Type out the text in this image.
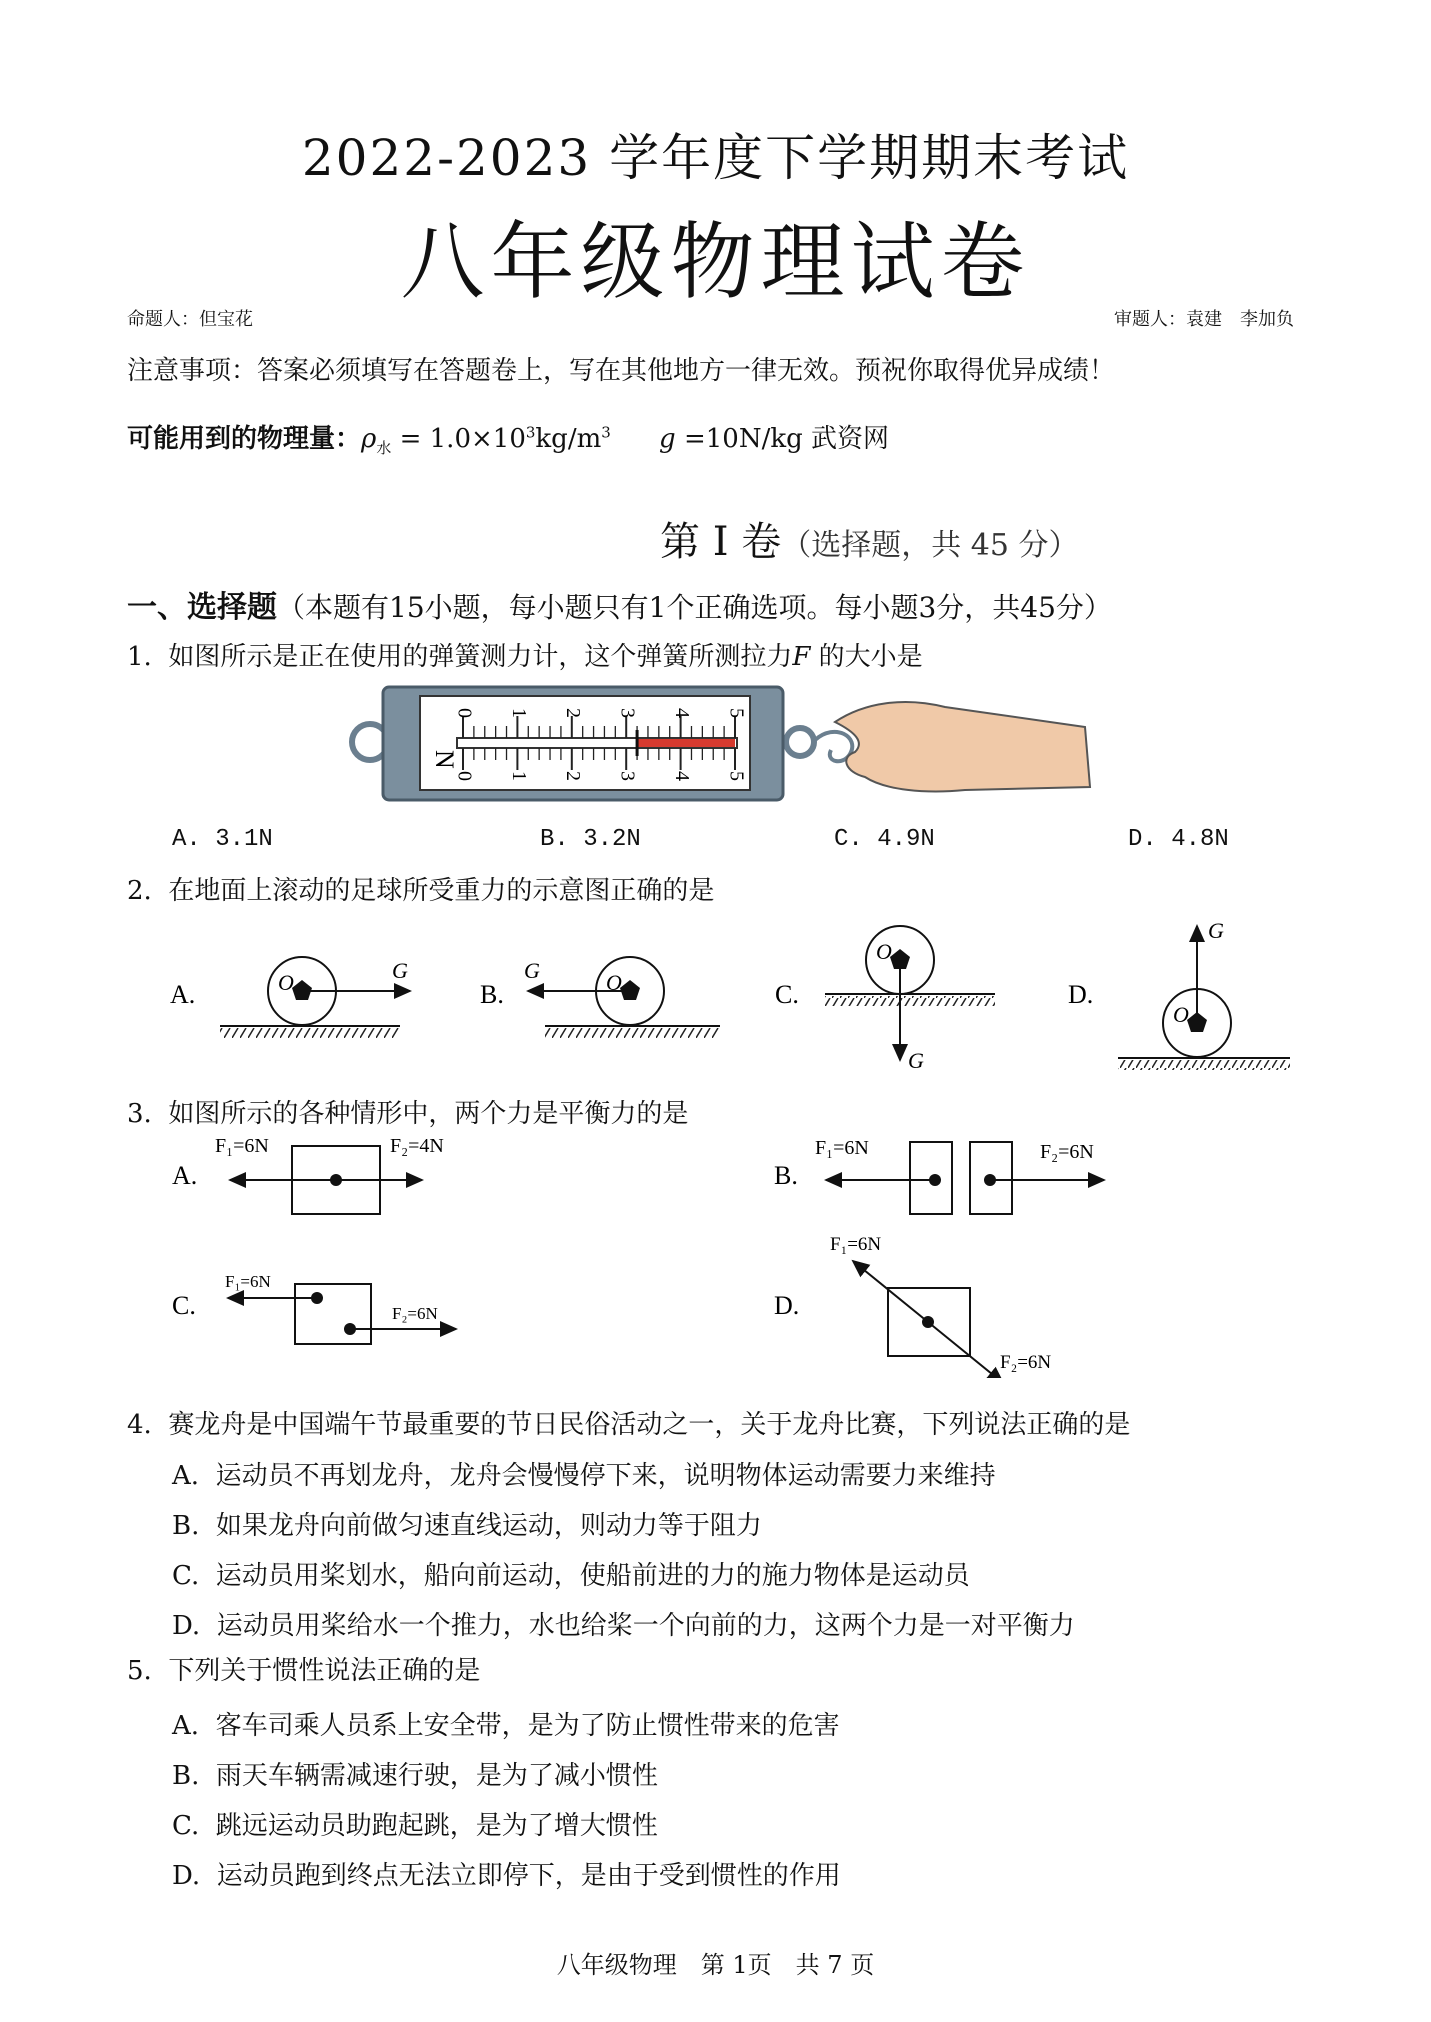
2022-2023 学年度下学期期末考试
八年级物理试卷
命题人：但宝花	审题人：袁建　李加负
注意事项：答案必须填写在答题卷上，写在其他地方一律无效。预祝你取得优异成绩！
可能用到的物理量：$\rho_水 = 1.0\times 10^3kg/m^3$ g =10N/kg 武资网
第 I 卷（选择题，共 45 分）
一、选择题（本题有15小题，每小题只有1个正确选项。每小题3分，共45分）
1. 如图所示是正在使用的弹簧测力计，这个弹簧所测拉力F 的大小是
N
0
0
1
1
2
2
3
3
4
4
5
5
A. 3.1N	B. 3.2N	C. 4.9N	D. 4.8N
2. 在地面上滚动的足球所受重力的示意图正确的是
A.	O	G
B.	O
G
C.
O
G
D.
O
G
3. 如图所示的各种情形中，两个力是平衡力的是
A.
F₁=6N	F₂=4N
B.
F₁=6N	F₂=6N
C.
F₁=6N
F₂=6N	D.
F₁=6N
F₂=6N
4. 赛龙舟是中国端午节最重要的节日民俗活动之一，关于龙舟比赛，下列说法正确的是
A. 运动员不再划龙舟，龙舟会慢慢停下来，说明物体运动需要力来维持
B. 如果龙舟向前做匀速直线运动，则动力等于阻力
C. 运动员用桨划水，船向前运动，使船前进的力的施力物体是运动员
D. 运动员用桨给水一个推力，水也给桨一个向前的力，这两个力是一对平衡力
5. 下列关于惯性说法正确的是
A. 客车司乘人员系上安全带，是为了防止惯性带来的危害
B. 雨天车辆需减速行驶，是为了减小惯性
C. 跳远运动员助跑起跳，是为了增大惯性
D. 运动员跑到终点无法立即停下，是由于受到惯性的作用
八年级物理　第 1页　共 7 页
